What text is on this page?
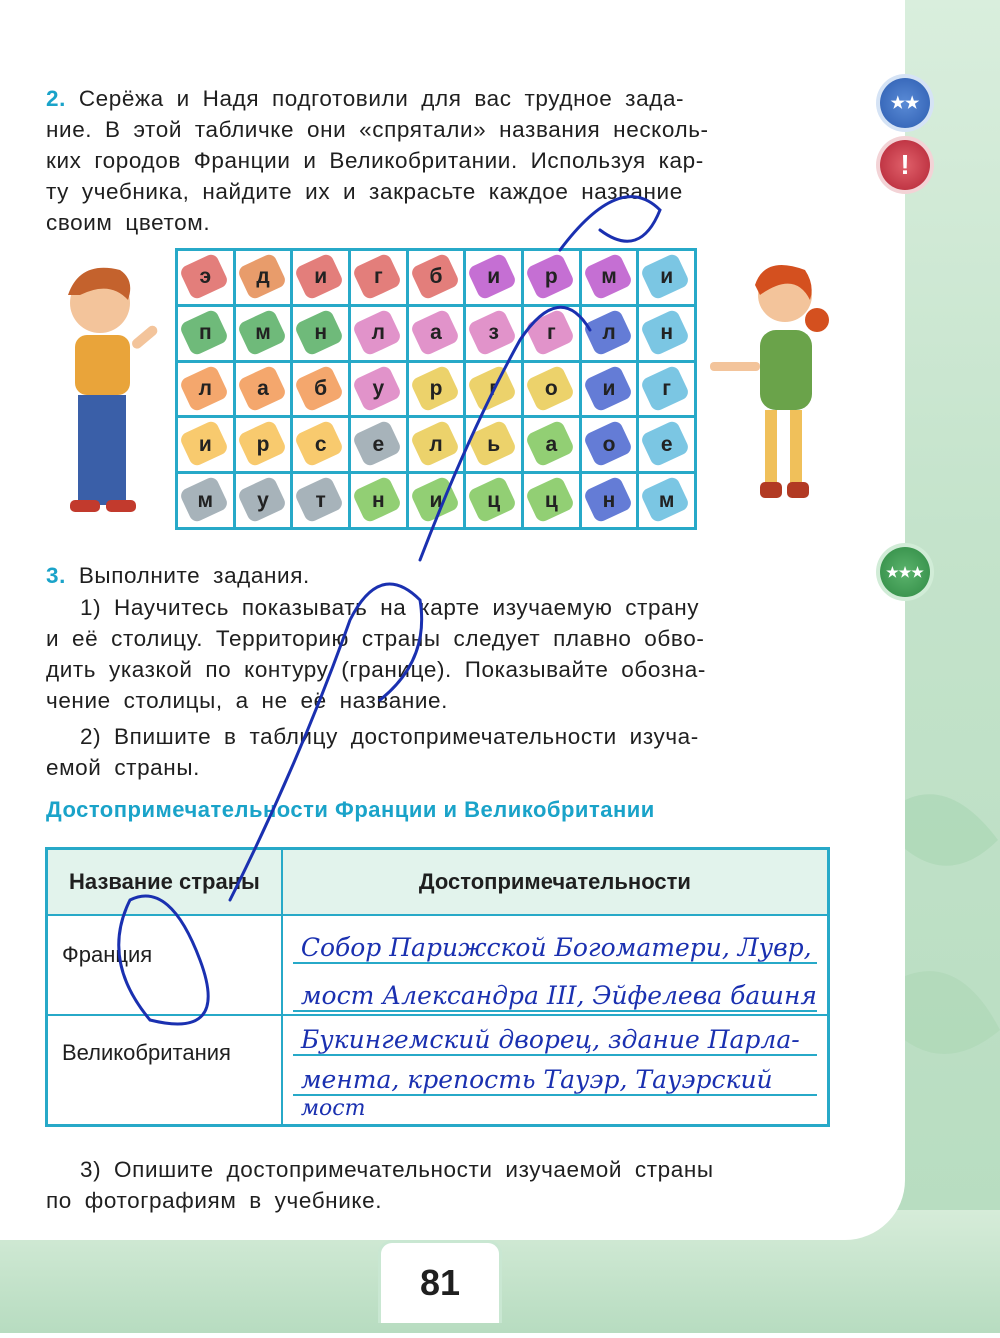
★★
!
★★★
2. Серёжа и Надя подготовили для вас трудное зада-
ние. В этой табличке они «спрятали» названия несколь-
ких городов Франции и Великобритании. Используя кар-
ту учебника, найдите их и закрасьте каждое название
своим цветом.
э д и г б и р м и
п м н л а з г л н
л а б у р г о и г
и р с е л ь а о е
м у т н и ц ц н м
3. Выполните задания.
1) Научитесь показывать на карте изучаемую страну
и её столицу. Территорию страны следует плавно обво-
дить указкой по контуру (границе). Показывайте обозна-
чение столицы, а не её название.
2) Впишите в таблицу достопримечательности изуча-
емой страны.
Достопримечательности Франции и Великобритании
Название страны	Достопримечательности
Франция	Собор Парижской Богоматери, Лувр,
мост Александра III, Эйфелева башня

Великобритания	Букингемский дворец, здание Парла-
мента, крепость Тауэр, Тауэрский
мост
3) Опишите достопримечательности изучаемой страны
по фотографиям в учебнике.
81
